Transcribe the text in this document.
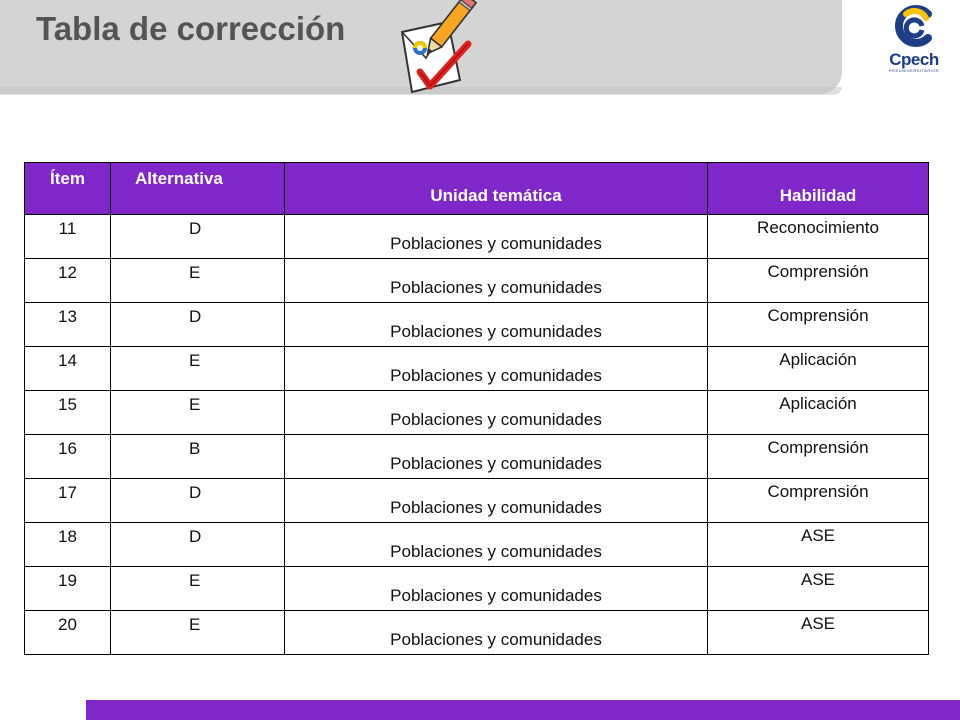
Tabla de corrección
Cpech
PREUNIVERSITARIOS
Ítem	Alternativa	Unidad temática	Habilidad
11	D	Poblaciones y comunidades	Reconocimiento
12	E	Poblaciones y comunidades	Comprensión
13	D	Poblaciones y comunidades	Comprensión
14	E	Poblaciones y comunidades	Aplicación
15	E	Poblaciones y comunidades	Aplicación
16	B	Poblaciones y comunidades	Comprensión
17	D	Poblaciones y comunidades	Comprensión
18	D	Poblaciones y comunidades	ASE
19	E	Poblaciones y comunidades	ASE
20	E	Poblaciones y comunidades	ASE
